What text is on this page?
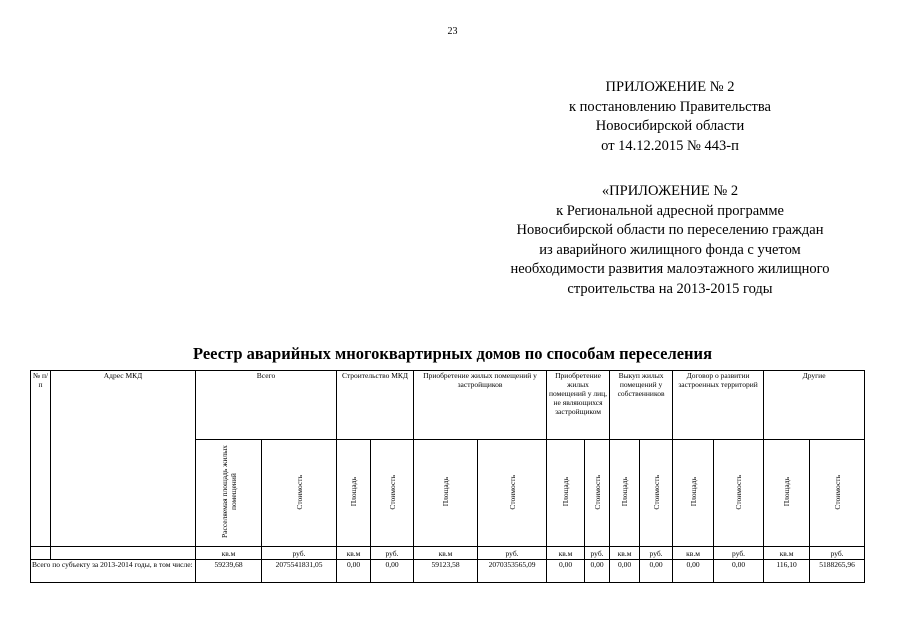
23
ПРИЛОЖЕНИЕ № 2
к постановлению Правительства
Новосибирской области
от 14.12.2015 № 443-п
«ПРИЛОЖЕНИЕ № 2
к Региональной адресной программе
Новосибирской области по переселению граждан
из аварийного жилищного фонда с учетом
необходимости развития малоэтажного жилищного
строительства на 2013-2015 годы
Реестр аварийных многоквартирных домов по способам переселения
№ п/п	Адрес МКД	Всего		Строительство МКД		Приобретение жилых помещений у застройщиков		Приобретение жилых помещений у лиц, не являющихся застройщиком		Выкуп жилых помещений у собственников		Договор о развитии застроенных территорий		Другие	
		Расселяемая площадь жилых помещений	Стоимость	Площадь	Стоимость	Площадь	Стоимость	Площадь	Стоимость	Площадь	Стоимость	Площадь	Стоимость	Площадь	Стоимость
		кв.м	руб.	кв.м	руб.	кв.м	руб.	кв.м	руб.	кв.м	руб.	кв.м	руб.	кв.м	руб.
Всего по субъекту за 2013-2014 годы, в том числе:		59239,68	2075541831,05	0,00	0,00	59123,58	2070353565,09	0,00	0,00	0,00	0,00	0,00	0,00	116,10	5188265,96
